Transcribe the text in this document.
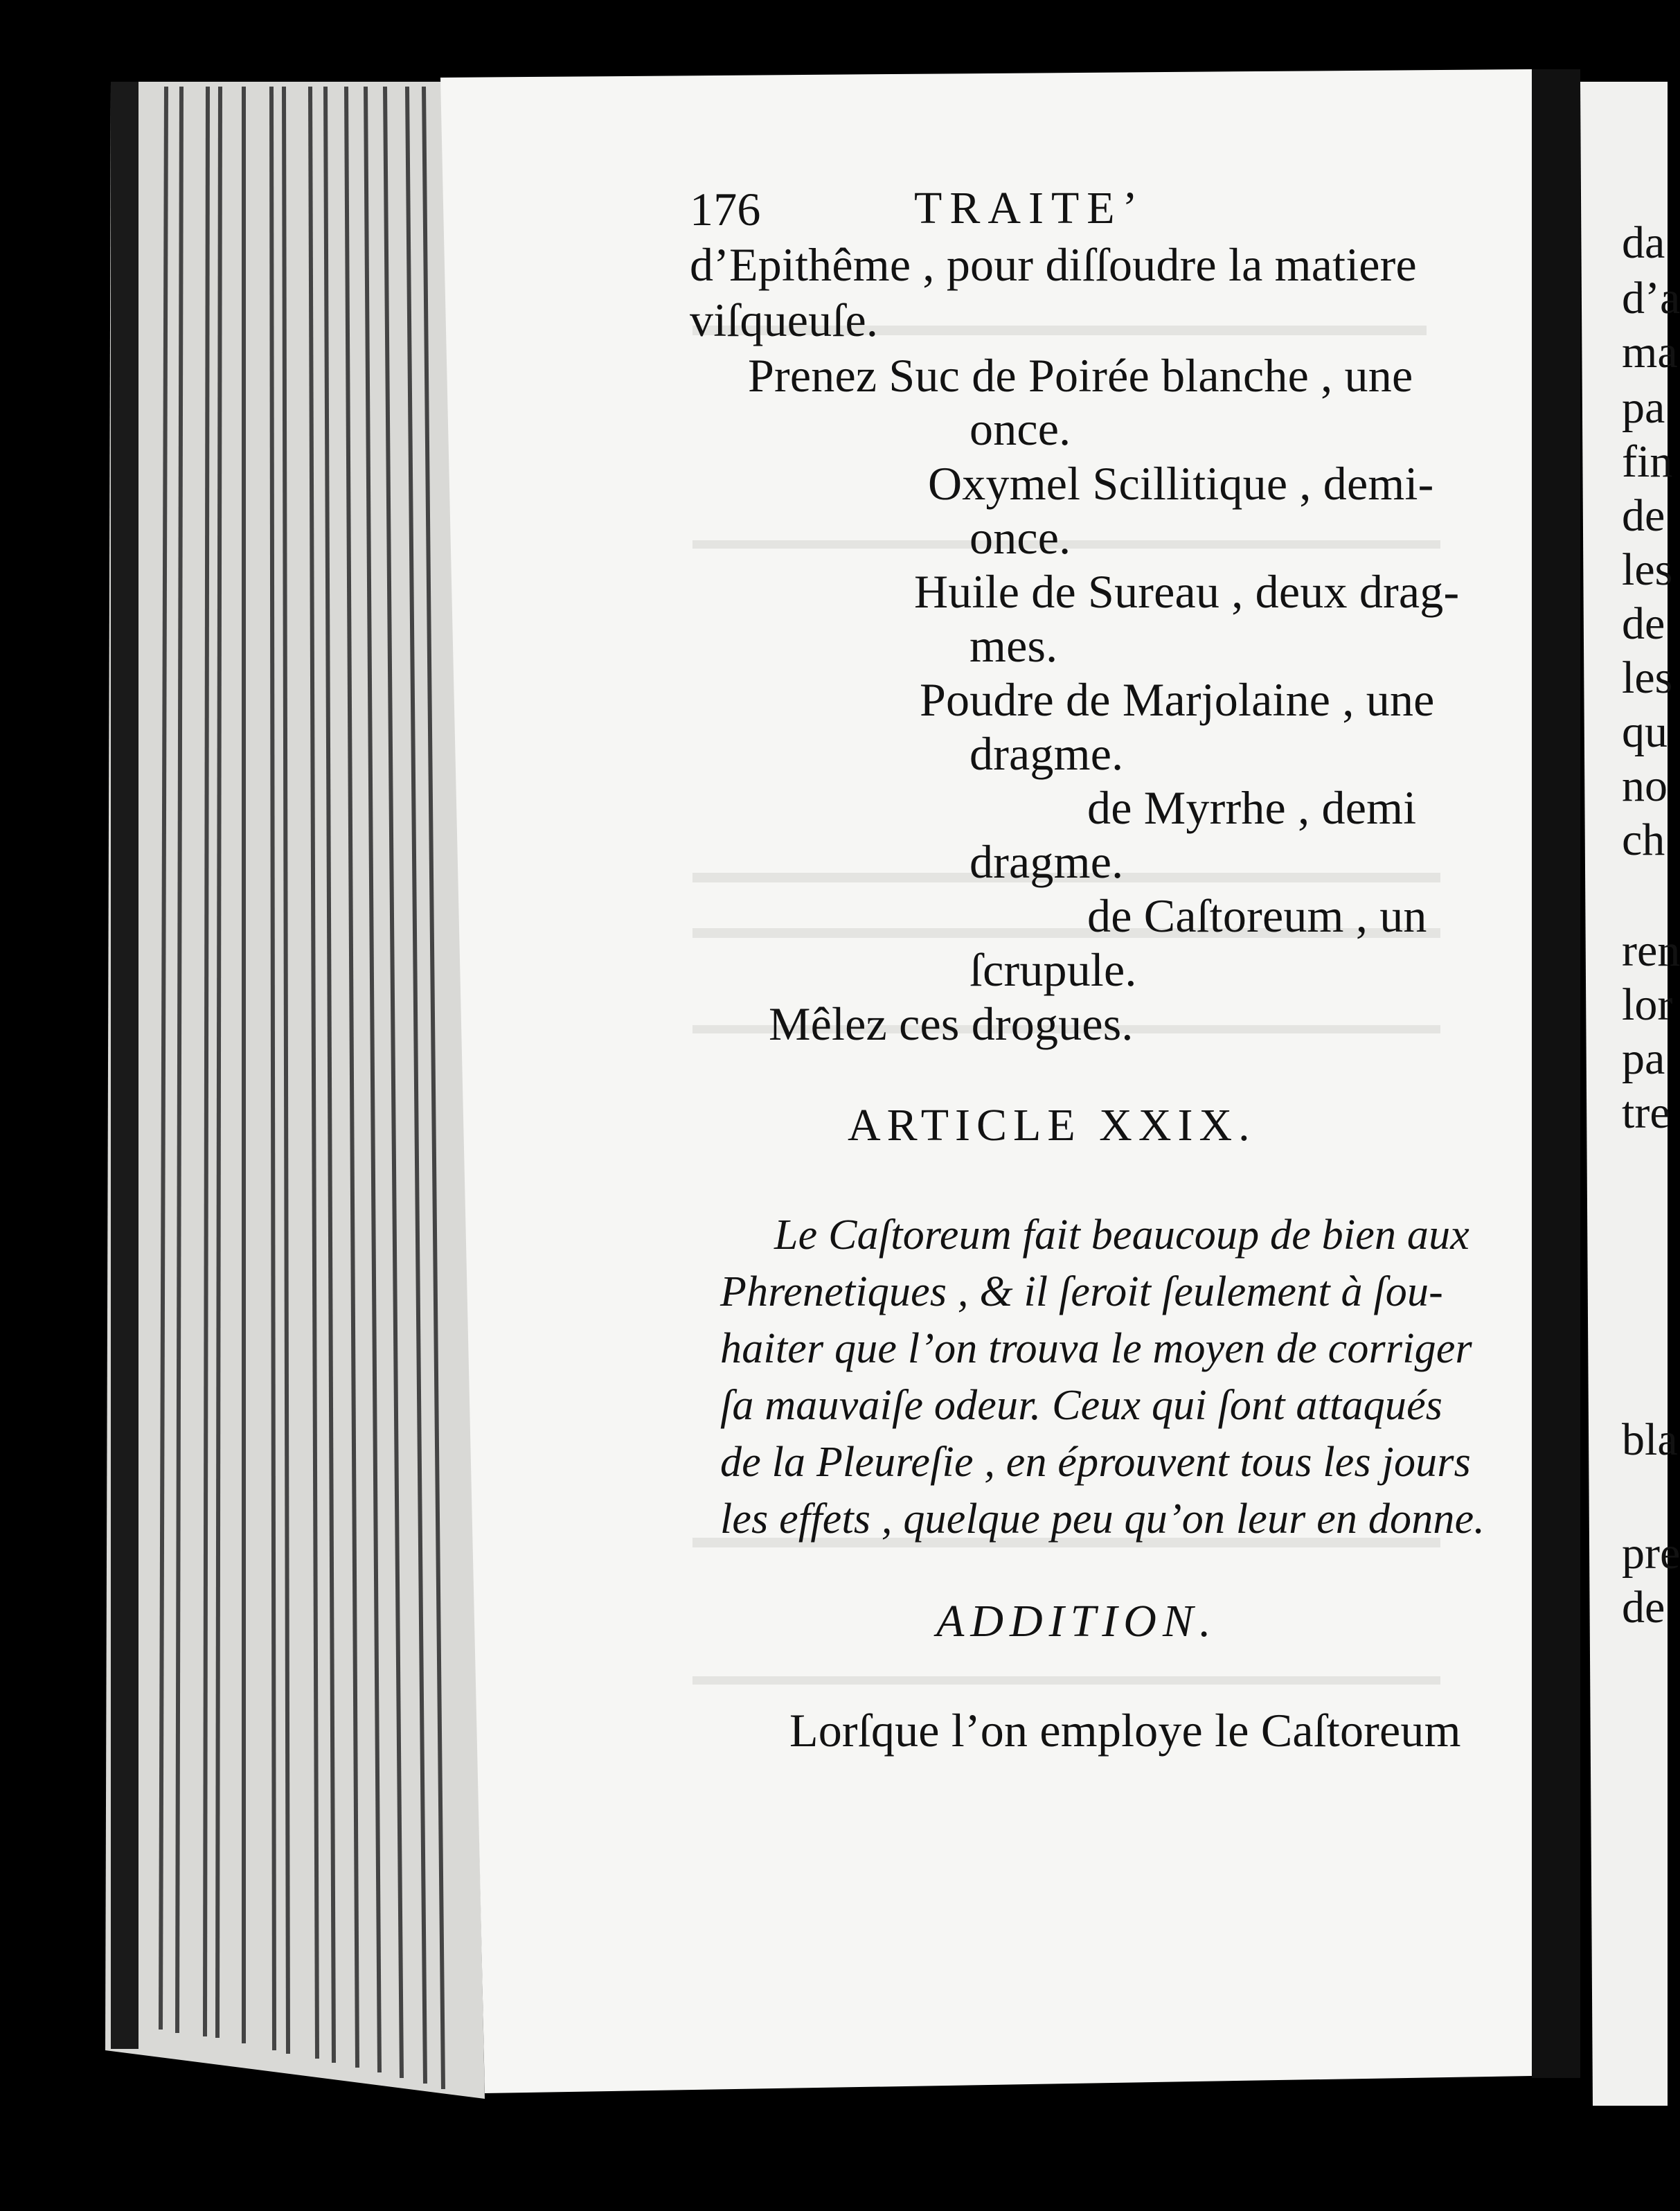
176	TRAITE’
d’Epithême , pour diſſoudre la matiere
viſqueuſe.
Prenez Suc de Poirée blanche , une
once.
Oxymel Scillitique , demi-
once.
Huile de Sureau , deux drag-
mes.
Poudre de Marjolaine , une
dragme.
de Myrrhe , demi
dragme.
de Caſtoreum , un
ſcrupule.
Mêlez ces drogues.
ARTICLE XXIX.
Le Caſtoreum fait beaucoup de bien aux
Phrenetiques , & il ſeroit ſeulement à ſou-
haiter que l’on trouva le moyen de corriger
ſa mauvaiſe odeur. Ceux qui ſont attaqués
de la Pleureſie , en éprouvent tous les jours
les effets , quelque peu qu’on leur en donne.
ADDITION.
Lorſque l’on employe le Caſtoreum
da
d’a
ma
pa
fin
de
les
de
les
qu
no
ch
ren
lor
pa
tre
bla
pre
de
